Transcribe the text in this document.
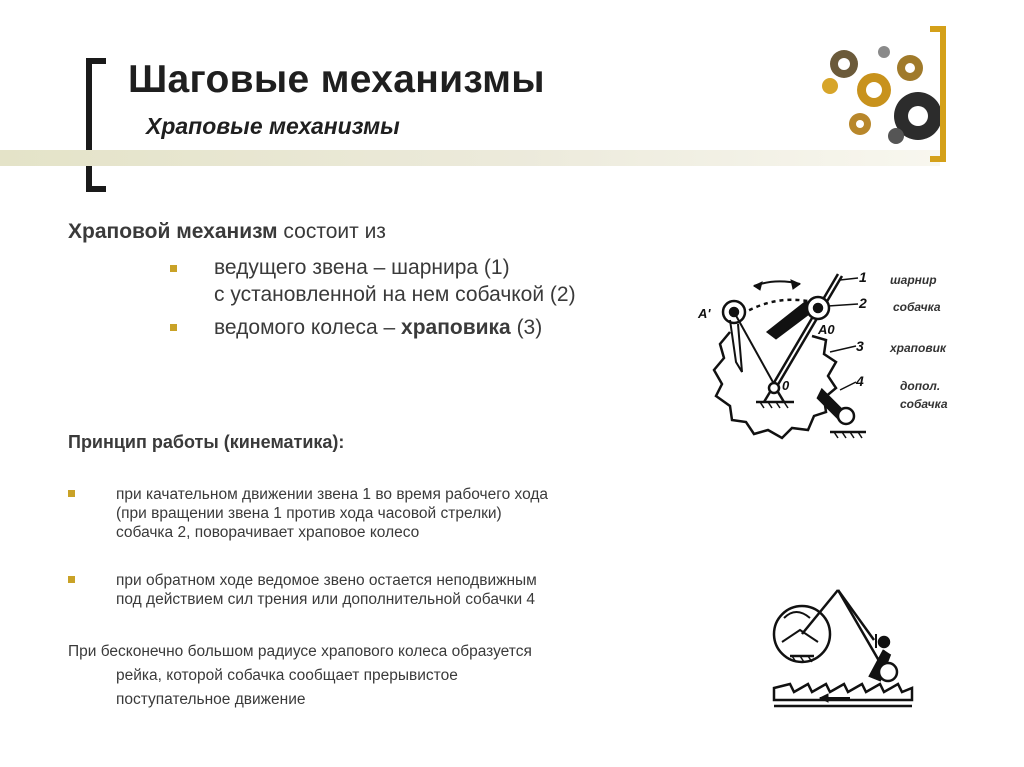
Шаговые механизмы
Храповые механизмы
Храповой механизм состоит из
ведущего звена – шарнира (1)
с установленной на нем собачкой (2)
ведомого колеса – храповика (3)
Принцип работы (кинематика):
при качательном движении звена 1 во время рабочего хода
(при вращении звена 1 против хода часовой стрелки)
собачка 2, поворачивает храповое колесо
при обратном ходе ведомое звено остается неподвижным
под действием сил трения или дополнительной собачки 4
При бесконечно большом радиусе храпового колеса образуется
рейка, которой собачка сообщает прерывистое
поступательное движение
1
2
3
4
A'
A0
0
шарнир
собачка
храповик
допол.
собачка
